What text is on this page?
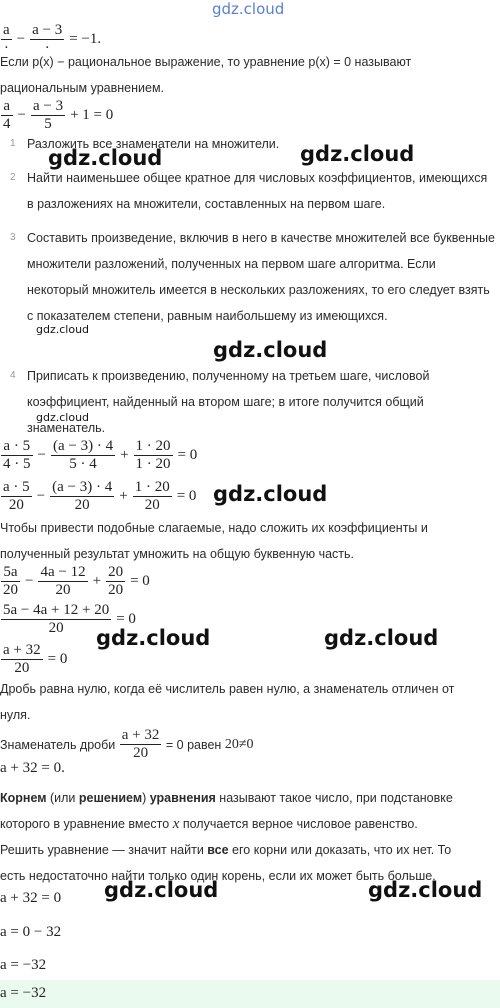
gdz.cloud
$\frac{a}{\cdot} - \frac{a - 3}{\cdot} = -1$.
Если p(x) − рациональное выражение, то уравнение p(x) = 0 называют
рациональным уравнением.
$\frac{a}{4} - \frac{a - 3}{5} + 1 = 0$
1 Разложить все знаменатели на множители.
2 Найти наименьшее общее кратное для числовых коэффициентов, имеющихся в разложениях на множители, составленных на первом шаге.
3 Составить произведение, включив в него в качестве множителей все буквенные множители разложений, полученных на первом шаге алгоритма. Если некоторый множитель имеется в нескольких разложениях, то его следует взять с показателем степени, равным наибольшему из имеющихся.
4 Приписать к произведению, полученному на третьем шаге, числовой коэффициент, найденный на втором шаге; в итоге получится общий знаменатель.
$\frac{a \cdot 5}{4 \cdot 5} - \frac{(a - 3) \cdot 4}{5 \cdot 4} + \frac{1 \cdot 20}{1 \cdot 20} = 0$
$\frac{a \cdot 5}{20} - \frac{(a - 3) \cdot 4}{20} + \frac{1 \cdot 20}{20} = 0$
Чтобы привести подобные слагаемые, надо сложить их коэффициенты и
полученный результат умножить на общую буквенную часть.
$\frac{5a}{20} - \frac{4a - 12}{20} + \frac{20}{20} = 0$
$\frac{5a - 4a + 12 + 20}{20} = 0$
$\frac{a + 32}{20} = 0$
Дробь равна нулю, когда её числитель равен нулю, а знаменатель отличен от
нуля.
Знаменатель дроби $\frac{a + 32}{20} = 0$ равен 20≠0
a + 32 = 0.
Корнем (или решением) уравнения называют такое число, при подстановке
которого в уравнение вместо x получается верное числовое равенство.
Решить уравнение — значит найти все его корни или доказать, что их нет. То
есть недостаточно найти только один корень, если их может быть больше.
a + 32 = 0
a = 0 − 32
a = −32
a = −32
gdz.cloud	gdz.cloud
gdz.cloud
gdz.cloud
gdz.cloud
gdz.cloud
gdz.cloud	gdz.cloud
gdz.cloud	gdz.cloud
